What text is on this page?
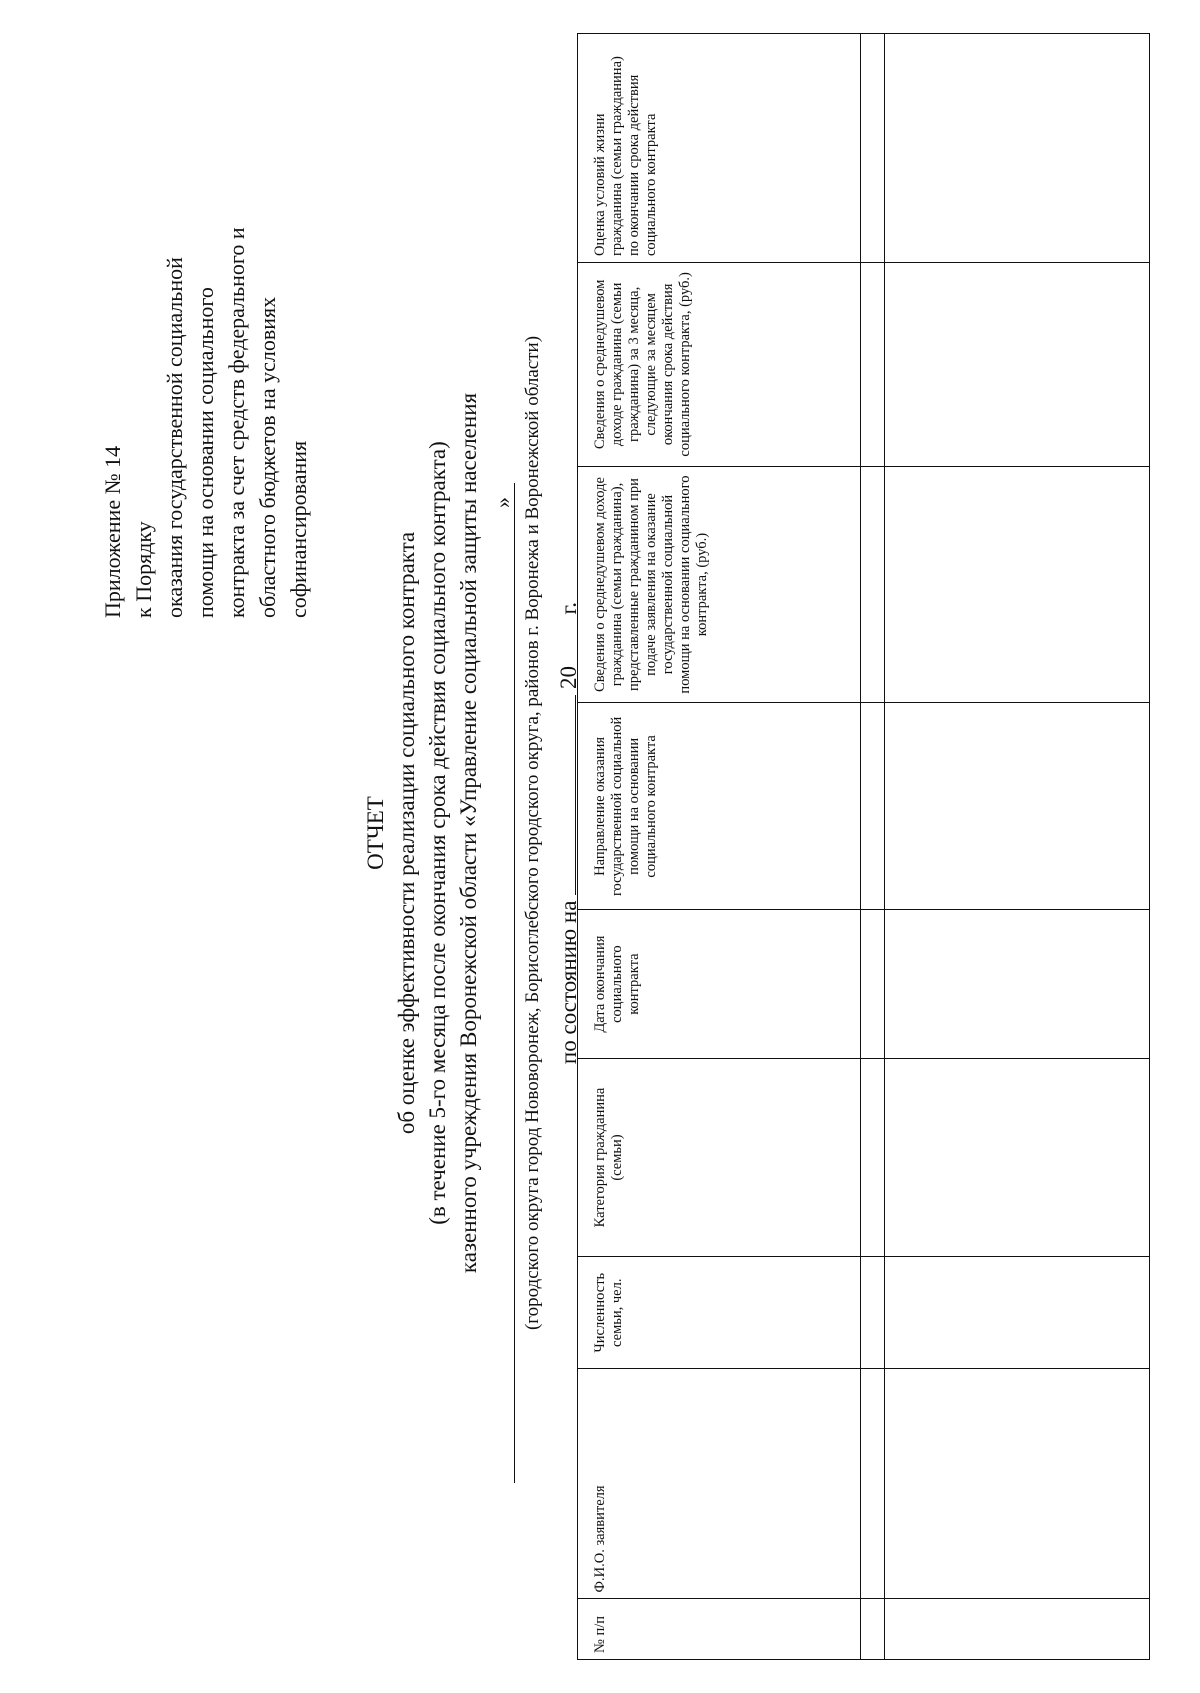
Приложение № 14 к Порядку оказания государственной социальной помощи на основании социального контракта за счет средств федерального и областного бюджетов на условиях софинансирования
ОТЧЕТ об оценке эффективности реализации социального контракта (в течение 5-го месяца после окончания срока действия социального контракта) казенного учреждения Воронежской области «Управление социальной защиты населения » (городского округа город Нововоронеж, Борисоглебского городского округа, районов г. Воронежа и Воронежской области) по состоянию на  20  г.
№ п/п	Ф.И.О. заявителя	Численность семьи, чел.	Категория гражданина (семьи)	Дата окончания социального контракта	Направление оказания государственной социальной помощи на основании социального контракта	Сведения о среднедушевом доходе гражданина (семьи гражданина), представленные гражданином при подаче заявления на оказание государственной социальной помощи на основании социального контракта, (руб.)	Сведения о среднедушевом доходе гражданина (семьи гражданина) за 3 месяца, следующие за месяцем окончания срока действия социального контракта, (руб.)	Оценка условий жизни гражданина (семьи гражданина) по окончании срока действия социального контракта
